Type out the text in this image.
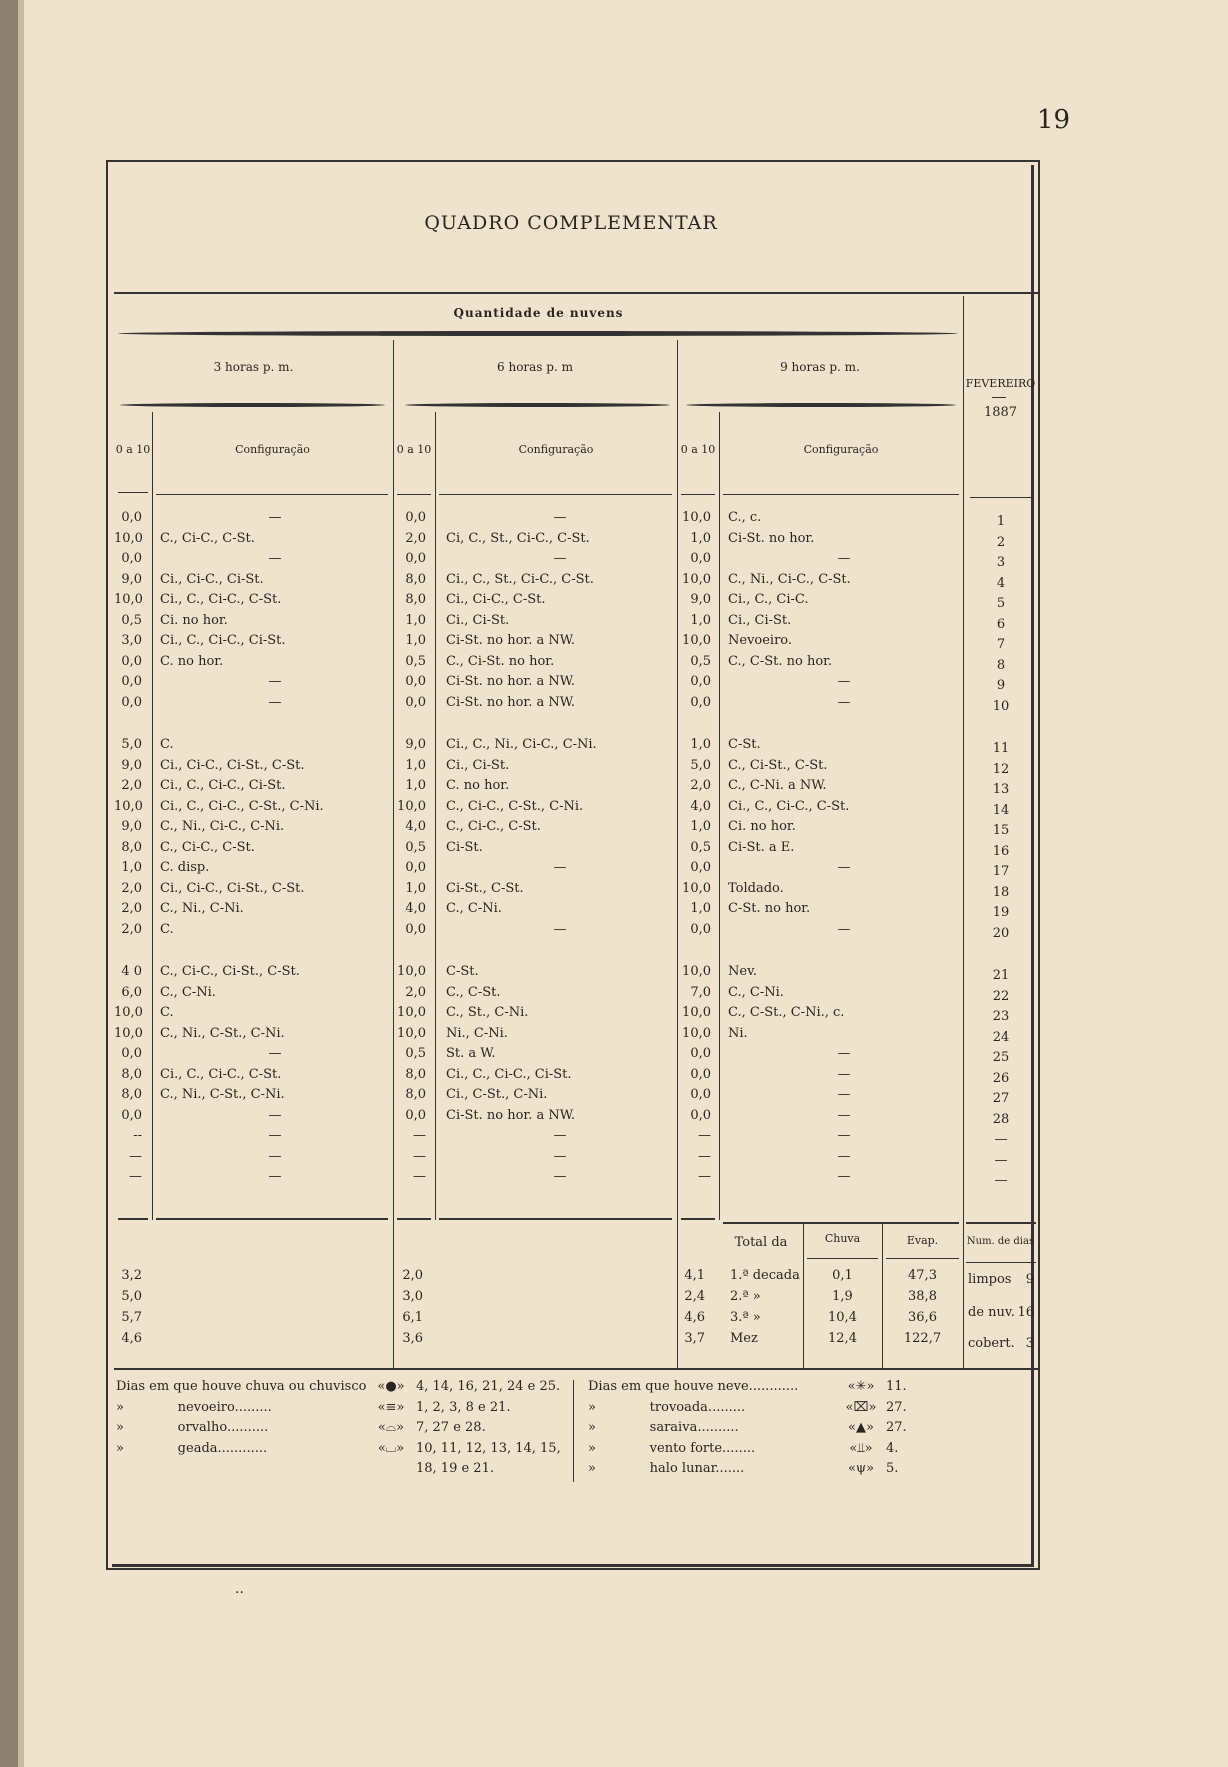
19
QUADRO COMPLEMENTAR
Quantidade de nuvens
3 horas p. m.	6 horas p. m	9 horas p. m.
FEVEREIRO
1887
0 a 10	Configuração	0 a 10	Configuração	0 a 10	Configuração
0,0	—	0,0	—	10,0 C., c.	1
10,0 C., Ci-C., C-St.	2,0 Ci, C., St., Ci-C., C-St.	1,0 Ci-St. no hor.	2
0,0	—	0,0	—	0,0	—	3
9,0 Ci., Ci-C., Ci-St.	8,0 Ci., C., St., Ci-C., C-St.	10,0 C., Ni., Ci-C., C-St.	4
10,0 Ci., C., Ci-C., C-St.	8,0 Ci., Ci-C., C-St.	9,0 Ci., C., Ci-C.	5
0,5 Ci. no hor.	1,0 Ci., Ci-St.	1,0 Ci., Ci-St.	6
3,0 Ci., C., Ci-C., Ci-St.	1,0 Ci-St. no hor. a NW.	10,0 Nevoeiro.	7
0,0 C. no hor.	0,5 C., Ci-St. no hor.	0,5 C., C-St. no hor.	8
0,0	—	0,0 Ci-St. no hor. a NW.	0,0	—	9
0,0	—	0,0 Ci-St. no hor. a NW.	0,0	—	10
5,0 C.	9,0 Ci., C., Ni., Ci-C., C-Ni.	1,0 C-St.	11
9,0 Ci., Ci-C., Ci-St., C-St.	1,0 Ci., Ci-St.	5,0 C., Ci-St., C-St.	12
2,0 Ci., C., Ci-C., Ci-St.	1,0 C. no hor.	2,0 C., C-Ni. a NW.	13
10,0 Ci., C., Ci-C., C-St., C-Ni.	10,0 C., Ci-C., C-St., C-Ni.	4,0 Ci., C., Ci-C., C-St.	14
9,0 C., Ni., Ci-C., C-Ni.	4,0 C., Ci-C., C-St.	1,0 Ci. no hor.	15
8,0 C., Ci-C., C-St.	0,5 Ci-St.	0,5 Ci-St. a E.	16
1,0 C. disp.	0,0	—	0,0	—	17
2,0 Ci., Ci-C., Ci-St., C-St.	1,0 Ci-St., C-St.	10,0 Toldado.	18
2,0 C., Ni., C-Ni.	4,0 C., C-Ni.	1,0 C-St. no hor.	19
2,0 C.	0,0	—	0,0	—	20
4 0 C., Ci-C., Ci-St., C-St.	10,0 C-St.	10,0 Nev.	21
6,0 C., C-Ni.	2,0 C., C-St.	7,0 C., C-Ni.	22
10,0 C.	10,0 C., St., C-Ni.	10,0 C., C-St., C-Ni., c.	23
10,0 C., Ni., C-St., C-Ni.	10,0 Ni., C-Ni.	10,0 Ni.	24
0,0	—	0,5 St. a W.	0,0	—	25
8,0 Ci., C., Ci-C., C-St.	8,0 Ci., C., Ci-C., Ci-St.	0,0	—	26
8,0 C., Ni., C-St., C-Ni.	8,0 Ci., C-St., C-Ni.	0,0	—	27
0,0	—	0,0 Ci-St. no hor. a NW.	0,0	—	28
--	—	—	—	—	—	—
—	—	—	—	—	—	—
—	—	—	—	—	—	—
Total da	Chuva	Evap.	Num. de dias
3,2	2,0	4,1 1.ª decada	0,1	47,3
5,0	3,0	2,4 2.ª »	1,9	38,8
5,7	6,1	4,6 3.ª »	10,4	36,6
4,6	3,6	3,7 Mez	12,4	122,7
limpos	9
de nuv. 16
cobert. 3
Dias em que houve chuva ou chuvisco «●» 4, 14, 16, 21, 24 e 25.
»             nevoeiro.........	«≡» 1, 2, 3, 8 e 21.
»             orvalho..........	«⌓» 7, 27 e 28.
»             geada............	«⌴» 10, 11, 12, 13, 14, 15,
18, 19 e 21.
Dias em que houve neve............	«✳» 11.
»             trovoada.........	«⌧» 27.
»             saraiva..........	«▲» 27.
»             vento forte........	«⫫»	4.
»             halo lunar.......	«ψ» 5.
··
